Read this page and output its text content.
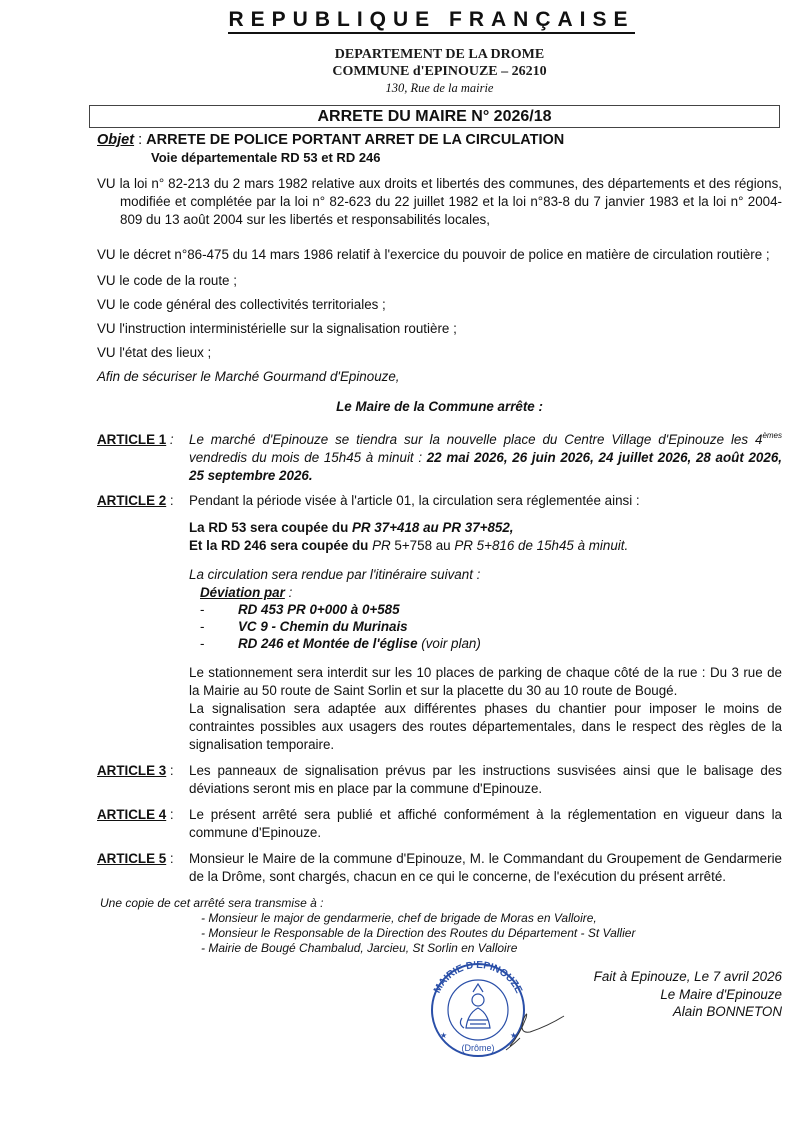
REPUBLIQUE FRANÇAISE
DEPARTEMENT DE LA DROME
COMMUNE d'EPINOUZE – 26210
130, Rue de la mairie
ARRETE DU MAIRE N° 2026/18
Objet : ARRETE DE POLICE PORTANT ARRET DE LA CIRCULATION
Voie départementale RD 53 et RD 246
VU la loi n° 82-213 du 2 mars 1982 relative aux droits et libertés des communes, des départements et des régions, modifiée et complétée par la loi n° 82-623 du 22 juillet 1982 et la loi n°83-8 du 7 janvier 1983 et la loi n° 2004-809 du 13 août 2004 sur les libertés et responsabilités locales,
VU le décret n°86-475 du 14 mars 1986 relatif à l'exercice du pouvoir de police en matière de circulation routière ;
VU le code de la route ;
VU le code général des collectivités territoriales ;
VU l'instruction interministérielle sur la signalisation routière ;
VU l'état des lieux ;
Afin de sécuriser le Marché Gourmand d'Epinouze,
Le Maire de la Commune arrête :
ARTICLE 1 :	Le marché d'Epinouze se tiendra sur la nouvelle place du Centre Village d'Epinouze les 4èmes vendredis du mois de 15h45 à minuit : 22 mai 2026, 26 juin 2026, 24 juillet 2026, 28 août 2026, 25 septembre 2026.
ARTICLE 2 :	Pendant la période visée à l'article 01, la circulation sera réglementée ainsi :
La RD 53 sera coupée du PR 37+418 au PR 37+852,
Et la RD 246 sera coupée du PR 5+758 au PR 5+816 de 15h45 à minuit.
La circulation sera rendue par l'itinéraire suivant :
Déviation par :
-	RD 453 PR 0+000 à 0+585
-	VC 9 - Chemin du Murinais
-	RD 246 et Montée de l'église (voir plan)
Le stationnement sera interdit sur les 10 places de parking de chaque côté de la rue : Du 3 rue de la Mairie au 50 route de Saint Sorlin et sur la placette du 30 au 10 route de Bougé.
La signalisation sera adaptée aux différentes phases du chantier pour imposer le moins de contraintes possibles aux usagers des routes départementales, dans le respect des règles de la signalisation temporaire.
ARTICLE 3 :	Les panneaux de signalisation prévus par les instructions susvisées ainsi que le balisage des déviations seront mis en place par la commune d'Epinouze.
ARTICLE 4 :	Le présent arrêté sera publié et affiché conformément à la réglementation en vigueur dans la commune d'Epinouze.
ARTICLE 5 :	Monsieur le Maire de la commune d'Epinouze, M. le Commandant du Groupement de Gendarmerie de la Drôme, sont chargés, chacun en ce qui le concerne, de l'exécution du présent arrêté.
Une copie de cet arrêté sera transmise à :
- Monsieur le major de gendarmerie, chef de brigade de Moras en Valloire,
- Monsieur le Responsable de la Direction des Routes du Département - St Vallier
- Mairie de Bougé Chambalud, Jarcieu, St Sorlin en Valloire
MAIRIE D'EPINOUZE
(Drôme)
★	★
Fait à Epinouze, Le 7 avril 2026
Le Maire d'Epinouze
Alain BONNETON
